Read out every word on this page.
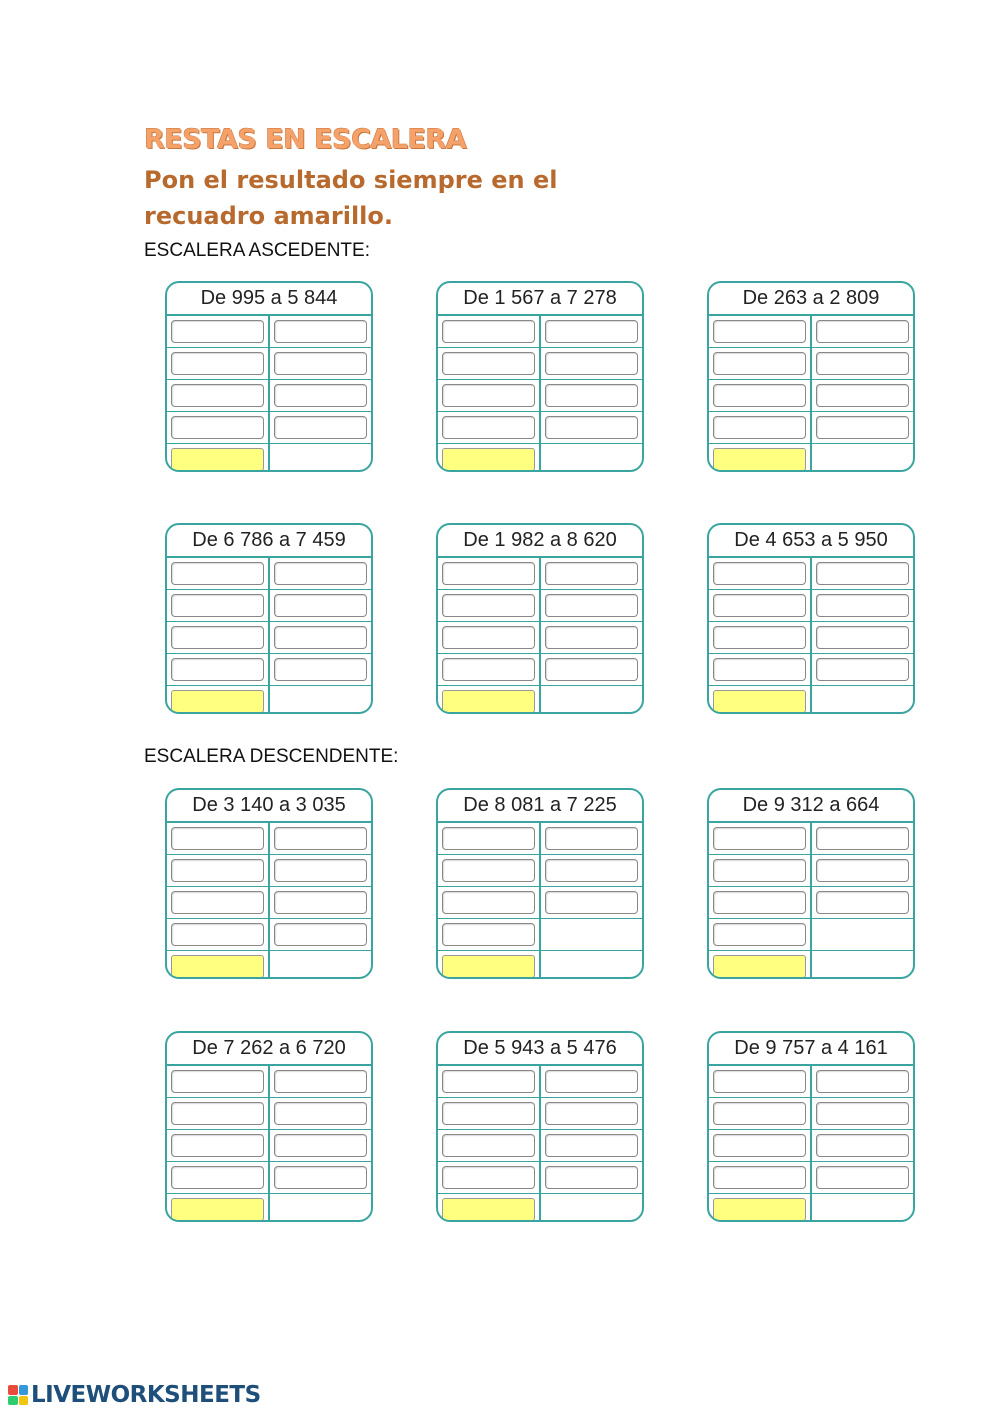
RESTAS EN ESCALERA
Pon el resultado siempre en el
recuadro amarillo.
ESCALERA ASCEDENTE:
ESCALERA DESCENDENTE:
De 995 a 5 844	De 1 567 a 7 278	De 263 a 2 809
De 6 786 a 7 459	De 1 982 a 8 620	De 4 653 a 5 950
De 3 140 a 3 035	De 8 081 a 7 225	De 9 312 a 664
De 7 262 a 6 720	De 5 943 a 5 476	De 9 757 a 4 161
LIVEWORKSHEETS
